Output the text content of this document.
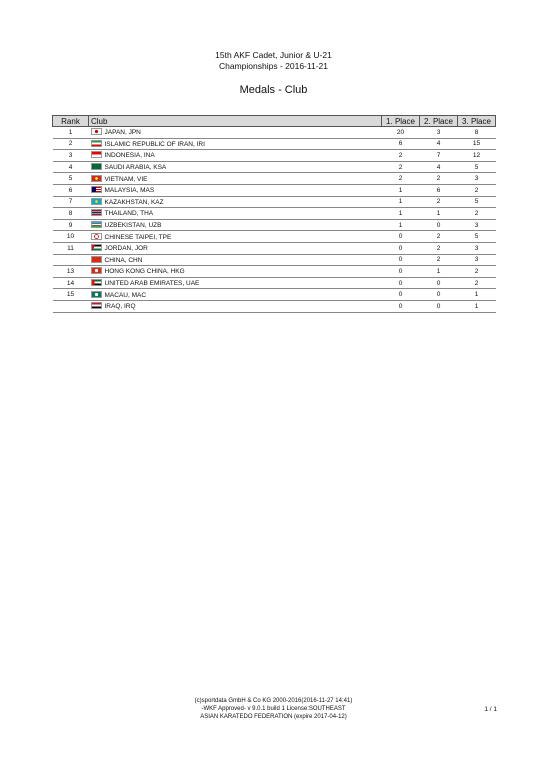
15th AKF Cadet, Junior & U-21
Championships - 2016-11-21
Medals - Club
Rank	Club	1. Place	2. Place	3. Place
1	JAPAN, JPN	20	3	8
2	ISLAMIC REPUBLIC OF IRAN, IRI	6	4	15
3	INDONESIA, INA	2	7	12
4	SAUDI ARABIA, KSA	2	4	5
5	VIETNAM, VIE	2	2	3
6	MALAYSIA, MAS	1	6	2
7	KAZAKHSTAN, KAZ	1	2	5
8	THAILAND, THA	1	1	2
9	UZBEKISTAN, UZB	1	0	3
10	CHINESE TAIPEI, TPE	0	2	5
11	JORDAN, JOR	0	2	3
	CHINA, CHN	0	2	3
13	HONG KONG CHINA, HKG	0	1	2
14	UNITED ARAB EMIRATES, UAE	0	0	2
15	MACAU, MAC	0	0	1
	IRAQ, IRQ	0	0	1
(c)sportdata GmbH & Co KG 2000-2016(2016-11-27 14:41)
-WKF Approved- v 9.0.1 build 1 License:SOUTHEAST
ASIAN KARATEDO FEDERATION (expire 2017-04-12)
1 / 1
